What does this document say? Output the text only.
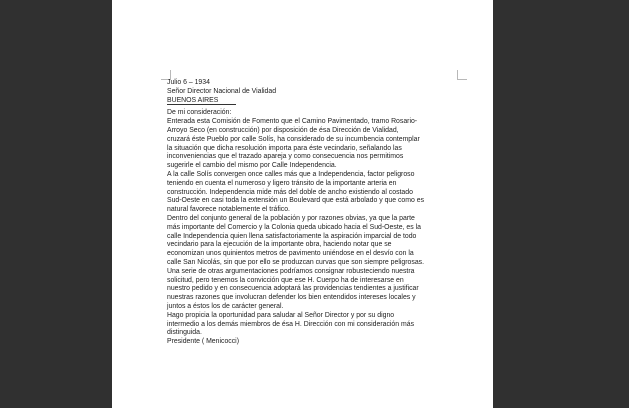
Julio 6 – 1934
Señor Director Nacional de Vialidad
BUENOS AIRES
De mi consideración:
Enterada esta Comisión de Fomento que el Camino Pavimentado, tramo Rosario-
Arroyo Seco (en construcción) por disposición de ésa Dirección de Vialidad,
cruzará éste Pueblo por calle Solís, ha considerado de su incumbencia contemplar
la situación que dicha resolución importa para éste vecindario, señalando las
inconveniencias que el trazado apareja y como consecuencia nos permitimos
sugerirle el cambio del mismo por Calle Independencia.
A la calle Solís convergen once calles más que a Independencia, factor peligroso
teniendo en cuenta el numeroso y ligero tránsito de la importante arteria en
construcción. Independencia mide más del doble de ancho existiendo al costado
Sud-Oeste en casi toda la extensión un Boulevard que está arbolado y que como es
natural favorece notablemente el tráfico.
Dentro del conjunto general de la población y por razones obvias, ya que la parte
más importante del Comercio y la Colonia queda ubicado hacia el Sud-Oeste, es la
calle Independencia quien llena satisfactoriamente la aspiración imparcial de todo
vecindario para la ejecución de la importante obra, haciendo notar que se
economizan unos quinientos metros de pavimento uniéndose en el desvío con la
calle San Nicolás, sin que por ello se produzcan curvas que son siempre peligrosas.
Una serie de otras argumentaciones podríamos consignar robusteciendo nuestra
solicitud, pero tenemos la convicción que ese H. Cuerpo ha de interesarse en
nuestro pedido y en consecuencia adoptará las providencias tendientes a justificar
nuestras razones que involucran defender los bien entendidos intereses locales y
juntos a éstos los de carácter general.
Hago propicia la oportunidad para saludar al Señor Director y por su digno
intermedio a los demás miembros de ésa H. Dirección con mi consideración más
distinguida.
Presidente ( Menicocci)
